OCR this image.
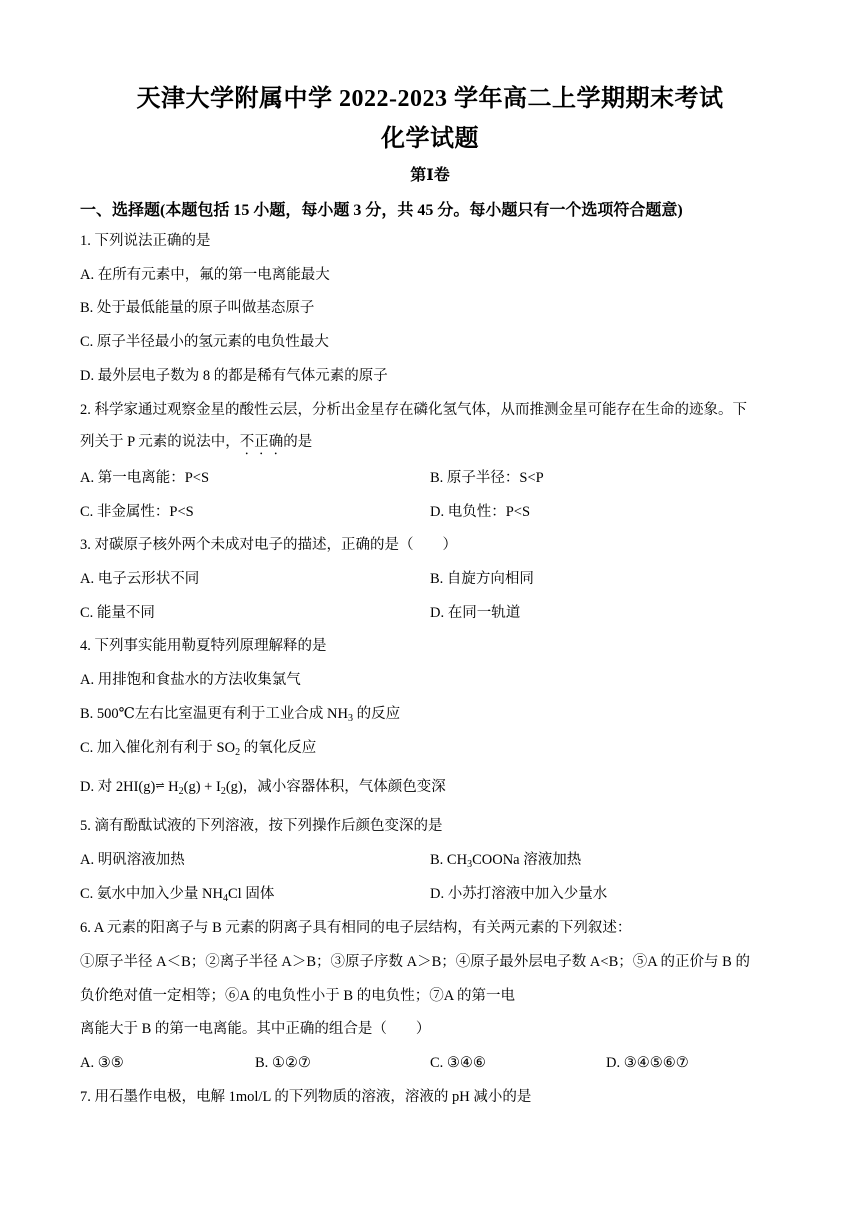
天津大学附属中学 2022-2023 学年高二上学期期末考试
化学试题
第Ⅰ卷
一、选择题(本题包括 15 小题，每小题 3 分，共 45 分。每小题只有一个选项符合题意)
1. 下列说法正确的是
A. 在所有元素中，氟的第一电离能最大
B. 处于最低能量的原子叫做基态原子
C. 原子半径最小的氢元素的电负性最大
D. 最外层电子数为 8 的都是稀有气体元素的原子
2. 科学家通过观察金星的酸性云层，分析出金星存在磷化氢气体，从而推测金星可能存在生命的迹象。下
列关于 P 元素的说法中，不正确的是
A. 第一电离能：P<S	B. 原子半径：S<P
C. 非金属性：P<S	D. 电负性：P<S
3. 对碳原子核外两个未成对电子的描述，正确的是（　　）
A. 电子云形状不同	B. 自旋方向相同
C. 能量不同	D. 在同一轨道
4. 下列事实能用勒夏特列原理解释的是
A. 用排饱和食盐水的方法收集氯气
B. 500℃左右比室温更有利于工业合成 $NH_3$ 的反应
C. 加入催化剂有利于 $SO_2$ 的氧化反应
D. 对 2HI(g)⇌ $H_2(g) + I_2(g)$，减小容器体积，气体颜色变深
5. 滴有酚酞试液的下列溶液，按下列操作后颜色变深的是
A. 明矾溶液加热	B. $CH_3COONa$ 溶液加热
C. 氨水中加入少量 $NH_4Cl$ 固体	D. 小苏打溶液中加入少量水
6. A 元素的阳离子与 B 元素的阴离子具有相同的电子层结构，有关两元素的下列叙述：
①原子半径 A＜B；②离子半径 A＞B；③原子序数 A＞B；④原子最外层电子数 A<B；⑤A 的正价与 B 的
负价绝对值一定相等；⑥A 的电负性小于 B 的电负性；⑦A 的第一电
离能大于 B 的第一电离能。其中正确的组合是（　　）
A. ③⑤	B. ①②⑦	C. ③④⑥	D. ③④⑤⑥⑦
7. 用石墨作电极，电解 1mol/L 的下列物质的溶液，溶液的 pH 减小的是
